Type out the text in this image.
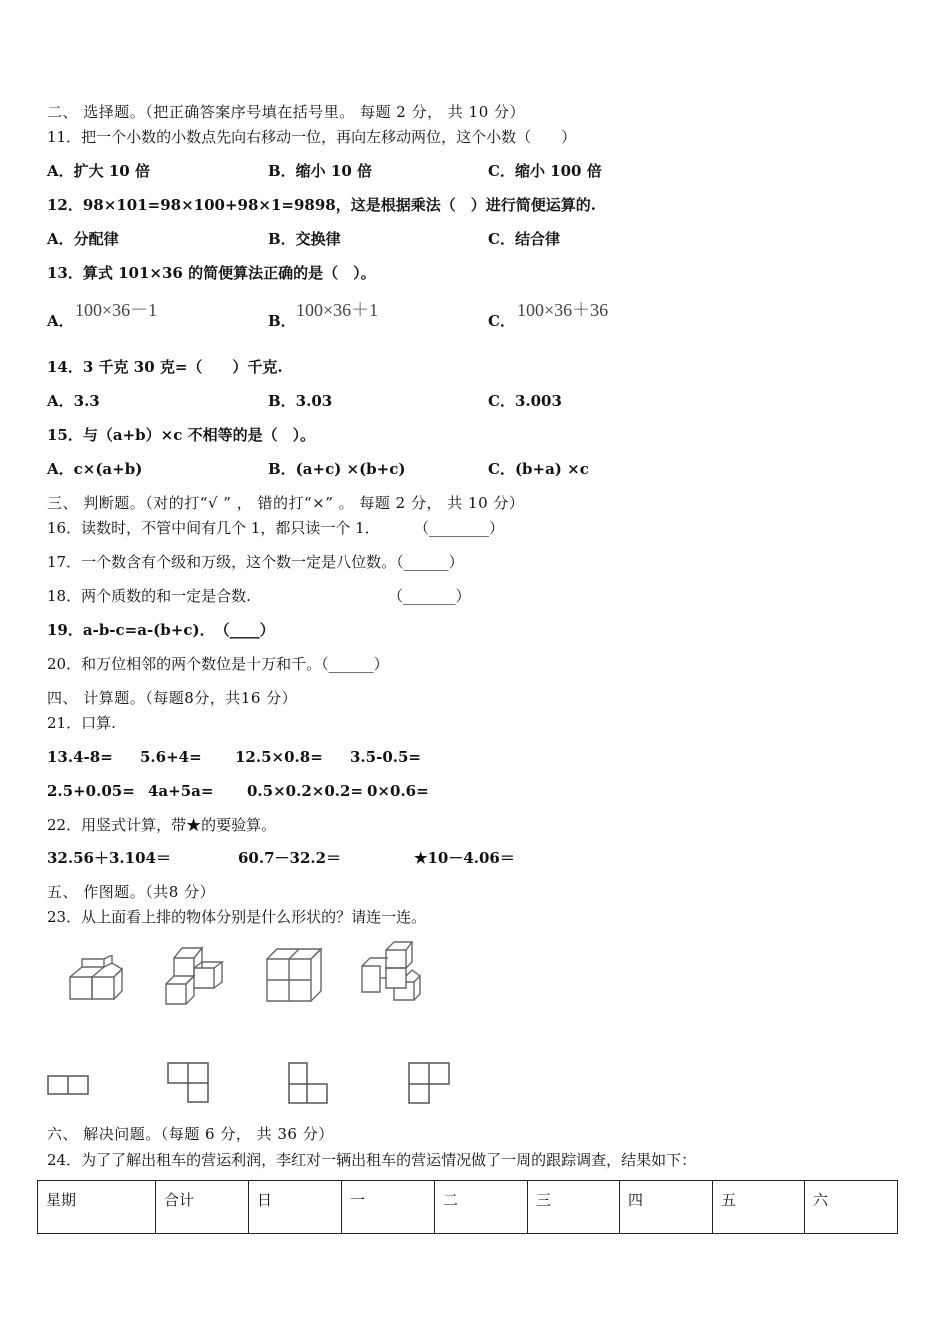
二、 选择题。（把正确答案序号填在括号里。 每题 2 分， 共 10 分）
11．把一个小数的小数点先向右移动一位，再向左移动两位，这个小数（　　）
A．扩大 10 倍	B．缩小 10 倍	C．缩小 100 倍
12．98×101=98×100+98×1=9898，这是根据乘法（　）进行简便运算的.
A．分配律	B．交换律	C．结合律
13．算式 101×36 的简便算法正确的是（　）。
A．
100×36－1
B．
100×36＋1
C．
100×36＋36
14．3 千克 30 克=（　　）千克.
A．3.3	B．3.03	C．3.003
15．与（a+b）×c 不相等的是（　）。
A．c×(a+b)	B．(a+c) ×(b+c)	C．(b+a) ×c
三、 判断题。（对的打“√ ” ， 错的打“×” 。 每题 2 分， 共 10 分）
16．读数时，不管中间有几个 1，都只读一个 1． （________）
17．一个数含有个级和万级，这个数一定是八位数。（______）
18．两个质数的和一定是合数.	（_______）
19．a-b-c=a-(b+c)．　（____）
20．和万位相邻的两个数位是十万和千。（______）
四、 计算题。（每题8分，共16 分）
21．口算.
13.4-8= 5.6+4= 12.5×0.8= 3.5-0.5=
2.5+0.05= 4a+5a= 0.5×0.2×0.2= 0×0.6=
22．用竖式计算，带★的要验算。
32.56＋3.104＝	60.7－32.2＝	★10－4.06＝
五、 作图题。（共8 分）
23．从上面看上排的物体分别是什么形状的？请连一连。
六、 解决问题。（每题 6 分， 共 36 分）
24．为了了解出租车的营运利润，李红对一辆出租车的营运情况做了一周的跟踪调查，结果如下：
星期	合计	日	一	二	三	四	五	六
